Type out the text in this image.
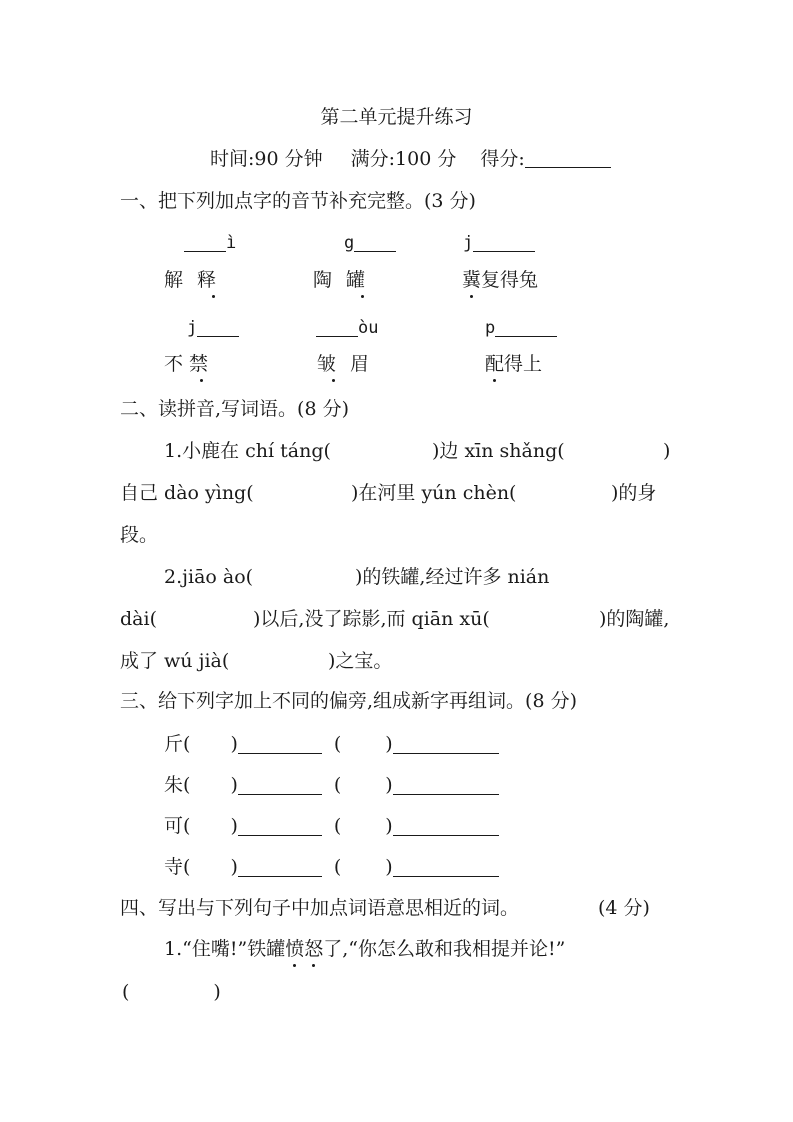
第二单元提升练习
时间:90 分钟 满分:100 分 得分:
一、把下列加点字的音节补充完整。(3 分)
ì	g	j
解释	陶罐	冀复得兔
j	òu	p
不禁	皱眉	配得上
二、读拼音,写词语。(8 分)
1.小鹿在 chí táng(	)边 xīn shǎng(	)
自己 dào yìng(	)在河里 yún chèn(	)的身
段。
2.jiāo ào(	)的铁罐,经过许多 nián
dài(	)以后,没了踪影,而 qiān xū(	)的陶罐,
成了 wú jià(	)之宝。
三、给下列字加上不同的偏旁,组成新字再组词。(8 分)
斤( )	( )
朱( )	( )
可( )	( )
寺( )	( )
四、写出与下列句子中加点词语意思相近的词。	(4 分)
1.“住嘴!”铁罐愤怒了,“你怎么敢和我相提并论!”
(	)
